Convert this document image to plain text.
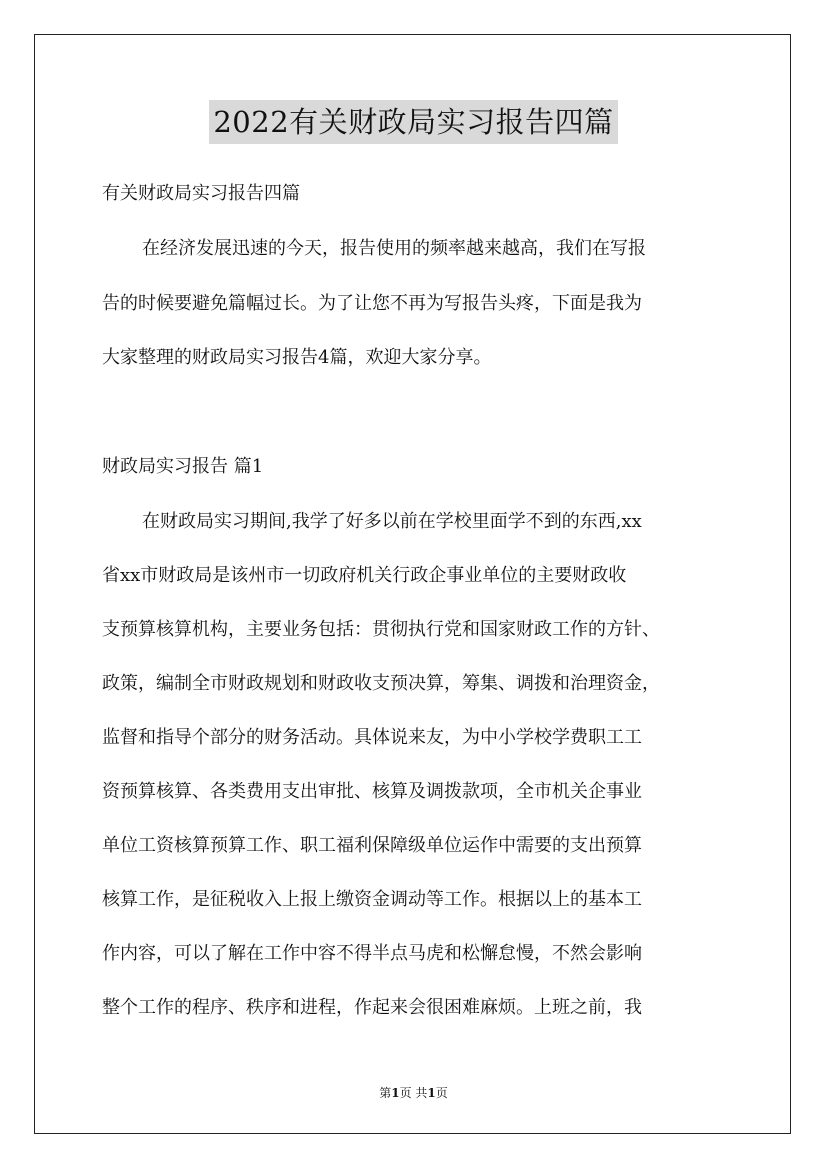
2022有关财政局实习报告四篇
有关财政局实习报告四篇
在经济发展迅速的今天，报告使用的频率越来越高，我们在写报
告的时候要避免篇幅过长。为了让您不再为写报告头疼，下面是我为
大家整理的财政局实习报告4篇，欢迎大家分享。
财政局实习报告 篇1
在财政局实习期间,我学了好多以前在学校里面学不到的东西,xx
省xx市财政局是该州市一切政府机关行政企事业单位的主要财政收
支预算核算机构，主要业务包括：贯彻执行党和国家财政工作的方针、
政策，编制全市财政规划和财政收支预决算，筹集、调拨和治理资金，
监督和指导个部分的财务活动。具体说来友，为中小学校学费职工工
资预算核算、各类费用支出审批、核算及调拨款项，全市机关企事业
单位工资核算预算工作、职工福利保障级单位运作中需要的支出预算
核算工作，是征税收入上报上缴资金调动等工作。根据以上的基本工
作内容，可以了解在工作中容不得半点马虎和松懈怠慢，不然会影响
整个工作的程序、秩序和进程，作起来会很困难麻烦。上班之前，我
第1页 共1页
